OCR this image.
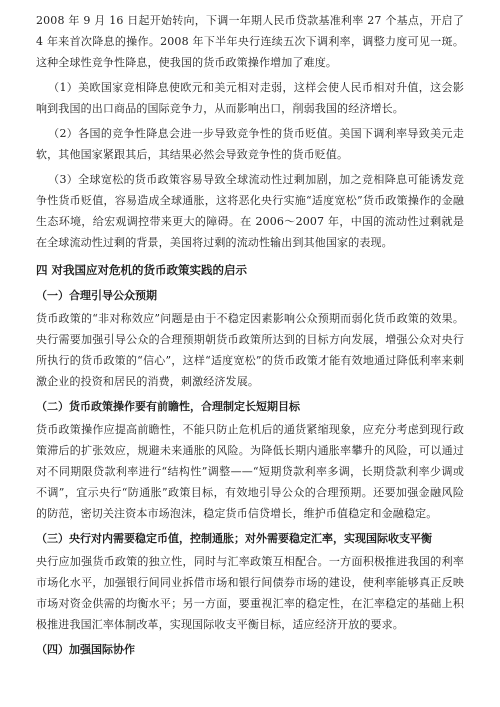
2008 年 9 月 16 日起开始转向，下调一年期人民币贷款基准利率 27 个基点，开启了 4 年来首次降息的操作。2008 年下半年央行连续五次下调利率，调整力度可见一斑。这种全球性竞争性降息，使我国的货币政策操作增加了难度。

（1）美欧国家竞相降息使欧元和美元相对走弱，这样会使人民币相对升值，这会影响到我国的出口商品的国际竞争力，从而影响出口，削弱我国的经济增长。

（2）各国的竞争性降息会进一步导致竞争性的货币贬值。美国下调利率导致美元走软，其他国家紧跟其后，其结果必然会导致竞争性的货币贬值。

（3）全球宽松的货币政策容易导致全球流动性过剩加剧，加之竞相降息可能诱发竞争性货币贬值，容易造成全球通胀，这将恶化央行实施“适度宽松”货币政策操作的金融生态环境，给宏观调控带来更大的障碍。在 2006～2007 年，中国的流动性过剩就是在全球流动性过剩的背景，美国将过剩的流动性输出到其他国家的表现。

四 对我国应对危机的货币政策实践的启示
（一）合理引导公众预期

货币政策的“非对称效应”问题是由于不稳定因素影响公众预期而弱化货币政策的效果。央行需要加强引导公众的合理预期朝货币政策所达到的目标方向发展，增强公众对央行所执行的货币政策的“信心”，这样“适度宽松”的货币政策才能有效地通过降低利率来刺激企业的投资和居民的消费，刺激经济发展。

（二）货币政策操作要有前瞻性，合理制定长短期目标

货币政策操作应提高前瞻性，不能只防止危机后的通货紧缩现象，应充分考虑到现行政策滞后的扩张效应，规避未来通胀的风险。为降低长期内通胀率攀升的风险，可以通过对不同期限贷款利率进行“结构性”调整——“短期贷款利率多调，长期贷款利率少调或不调”，宜示央行“防通胀”政策目标，有效地引导公众的合理预期。还要加强金融风险的防范，密切关注资本市场泡沫，稳定货币信贷增长，维护币值稳定和金融稳定。

（三）央行对内需要稳定币值，控制通胀；对外需要稳定汇率，实现国际收支平衡

央行应加强货币政策的独立性，同时与汇率政策互相配合。一方面积极推进我国的利率市场化水平，加强银行间同业拆借市场和银行间债券市场的建设，使利率能够真正反映市场对资金供需的均衡水平；另一方面，要重视汇率的稳定性，在汇率稳定的基础上积极推进我国汇率体制改革，实现国际收支平衡目标，适应经济开放的要求。

（四）加强国际协作
